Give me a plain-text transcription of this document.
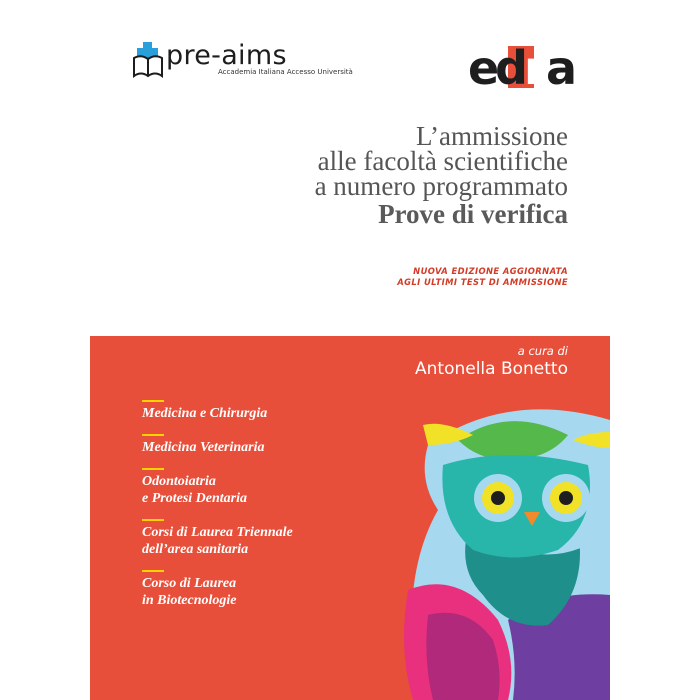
pre-aims
Accademia Italiana Accesso Università	e
d
r a
L’ammissione
alle facoltà scientifiche
a numero programmato
Prove di verifica
NUOVA EDIZIONE AGGIORNATA
AGLI ULTIMI TEST DI AMMISSIONE
a cura di
Antonella Bonetto
Medicina e Chirurgia
Medicina Veterinaria
Odontoiatria
e Protesi Dentaria
Corsi di Laurea Triennale
dell’area sanitaria
Corso di Laurea
in Biotecnologie
